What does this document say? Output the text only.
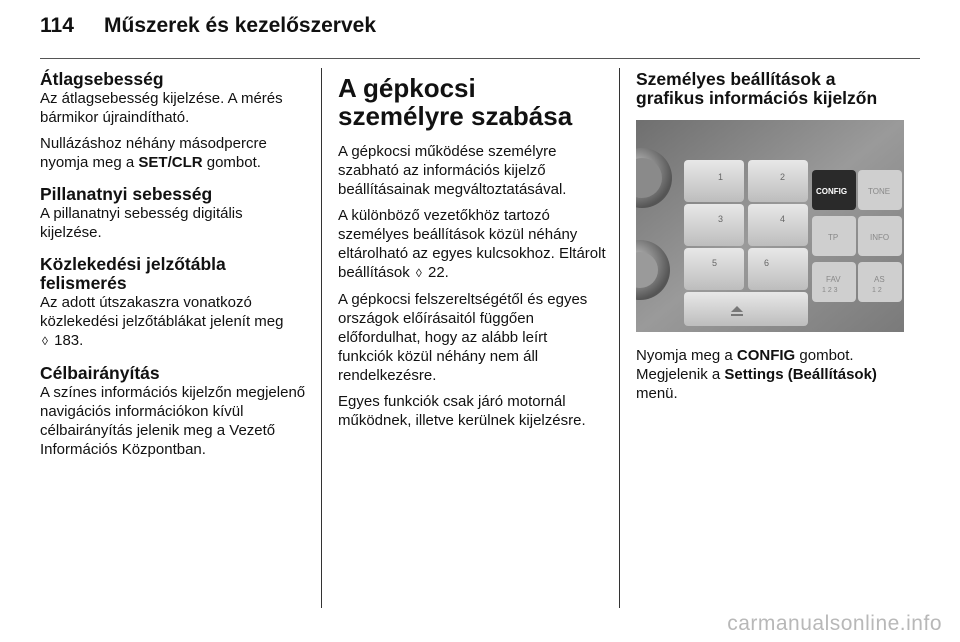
114	Műszerek és kezelőszervek
Átlagsebesség

Az átlagsebesség kijelzése. A mérés bármikor újraindítható.

Nullázáshoz néhány másodpercre nyomja meg a SET/CLR gombot.

Pillanatnyi sebesség

A pillanatnyi sebesség digitális kijelzése.

Közlekedési jelzőtábla
felismerés

Az adott útszakaszra vonatkozó közlekedési jelzőtáblákat jelenít meg
◊ 183.

Célbairányítás

A színes információs kijelzőn megjelenő navigációs információkon kívül célbairányítás jelenik meg a Vezető Információs Központban.

A gépkocsi személyre szabása

A gépkocsi működése személyre szabható az információs kijelző beállításainak megváltoztatásával.

A különböző vezetőkhöz tartozó személyes beállítások közül néhány eltárolható az egyes kulcsokhoz. Eltárolt beállítások ◊ 22.

A gépkocsi felszereltségétől és egyes országok előírásaitól függően előfordulhat, hogy az alább leírt funkciók közül néhány nem áll rendelkezésre.

Egyes funkciók csak járó motornál működnek, illetve kerülnek kijelzésre.

Személyes beállítások a grafikus információs kijelzőn
1	2
3	4
5	6
CONFIG	TONE
TP	INFO
FAV
1 2 3
AS
1 2

Nyomja meg a CONFIG gombot.
Megjelenik a Settings (Beállítások)
menü.

carmanualsonline.info
